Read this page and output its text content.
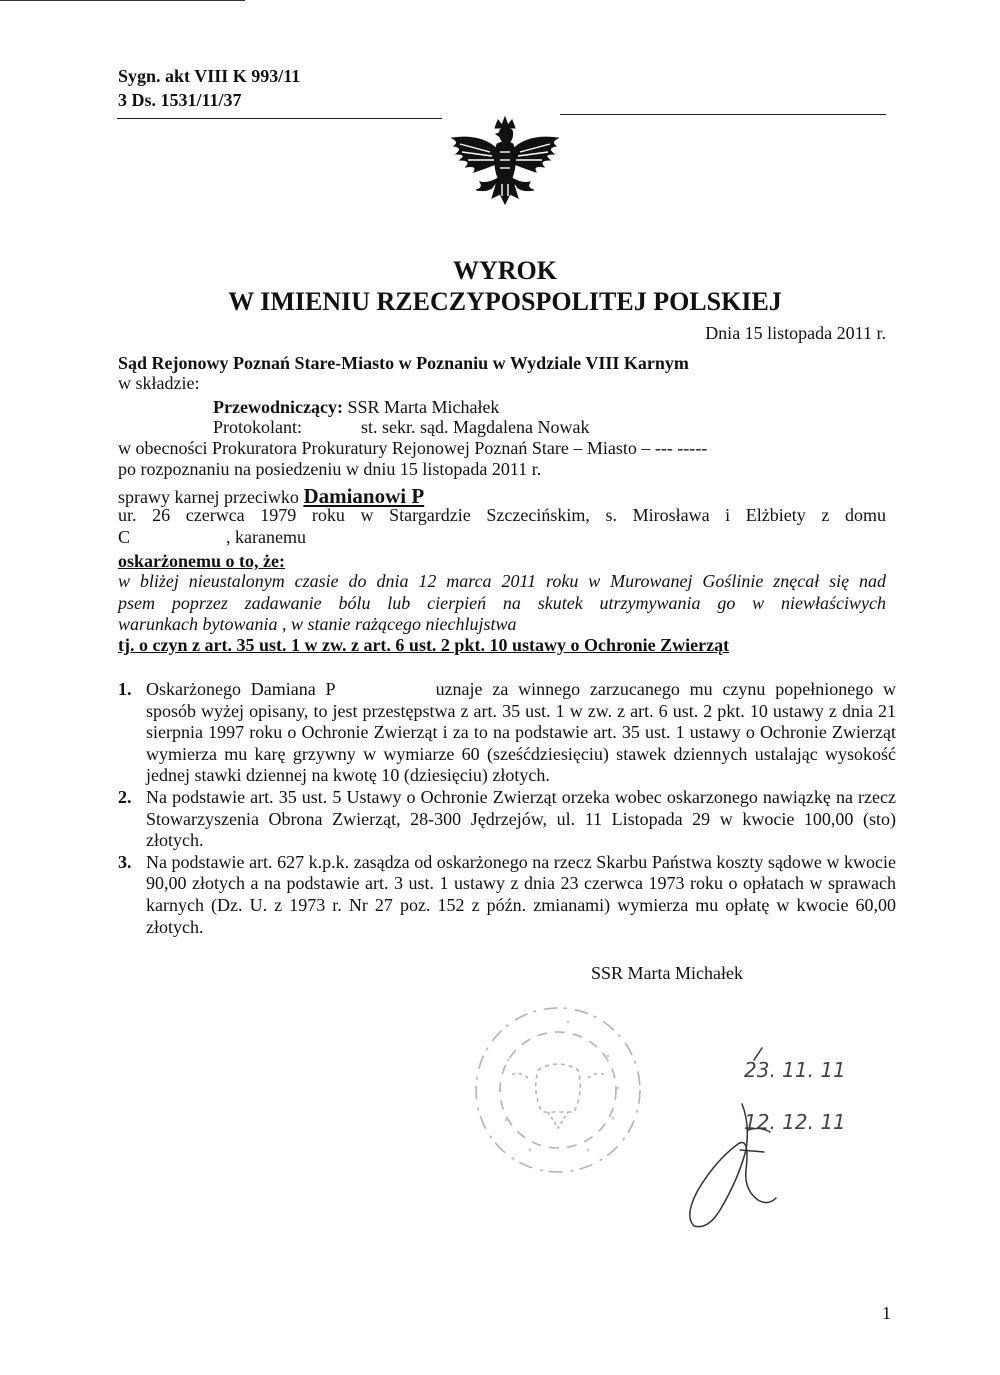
Sygn. akt VIII K 993/11
3 Ds. 1531/11/37
WYROK
W IMIENIU RZECZYPOSPOLITEJ POLSKIEJ
Dnia 15 listopada 2011 r.
Sąd Rejonowy Poznań Stare-Miasto w Poznaniu w Wydziale VIII Karnym
w składzie:
Przewodniczący: SSR Marta Michałek
Protokolant:	st. sekr. sąd. Magdalena Nowak
w obecności Prokuratora Prokuratury Rejonowej Poznań Stare – Miasto – --- -----
po rozpoznaniu na posiedzeniu w dniu 15 listopada 2011 r.
sprawy karnej przeciwko Damianowi P
ur. 26 czerwca 1979 roku w Stargardzie Szczecińskim, s. Mirosława i Elżbiety z domu
C	, karanemu
oskarżonemu o to, że:
w bliżej nieustalonym czasie do dnia 12 marca 2011 roku w Murowanej Goślinie znęcał się nad
psem poprzez zadawanie bólu lub cierpień na skutek utrzymywania go w niewłaściwych
warunkach bytowania , w stanie rażącego niechlujstwa
tj. o czyn z art. 35 ust. 1 w zw. z art. 6 ust. 2 pkt. 10 ustawy o Ochronie Zwierząt
1. Oskarżonego Damiana P	uznaje za winnego zarzucanego mu czynu popełnionego w sposób wyżej opisany, to jest przestępstwa z art. 35 ust. 1 w zw. z art. 6 ust. 2 pkt. 10 ustawy z dnia 21 sierpnia 1997 roku o Ochronie Zwierząt i za to na podstawie art. 35 ust. 1 ustawy o Ochronie Zwierząt wymierza mu karę grzywny w wymiarze 60 (sześćdziesięciu) stawek dziennych ustalając wysokość jednej stawki dziennej na kwotę 10 (dziesięciu) złotych.
2. Na podstawie art. 35 ust. 5 Ustawy o Ochronie Zwierząt orzeka wobec oskarzonego nawiązkę na rzecz Stowarzyszenia Obrona Zwierząt, 28-300 Jędrzejów, ul. 11 Listopada 29 w kwocie 100,00 (sto) złotych.
3. Na podstawie art. 627 k.p.k. zasądza od oskarżonego na rzecz Skarbu Państwa koszty sądowe w kwocie 90,00 złotych a na podstawie art. 3 ust. 1 ustawy z dnia 23 czerwca 1973 roku o opłatach w sprawach karnych (Dz. U. z 1973 r. Nr 27 poz. 152 z późn. zmianami) wymierza mu opłatę w kwocie 60,00 złotych.
SSR Marta Michałek
23. 11. 11
12. 12. 11
1
